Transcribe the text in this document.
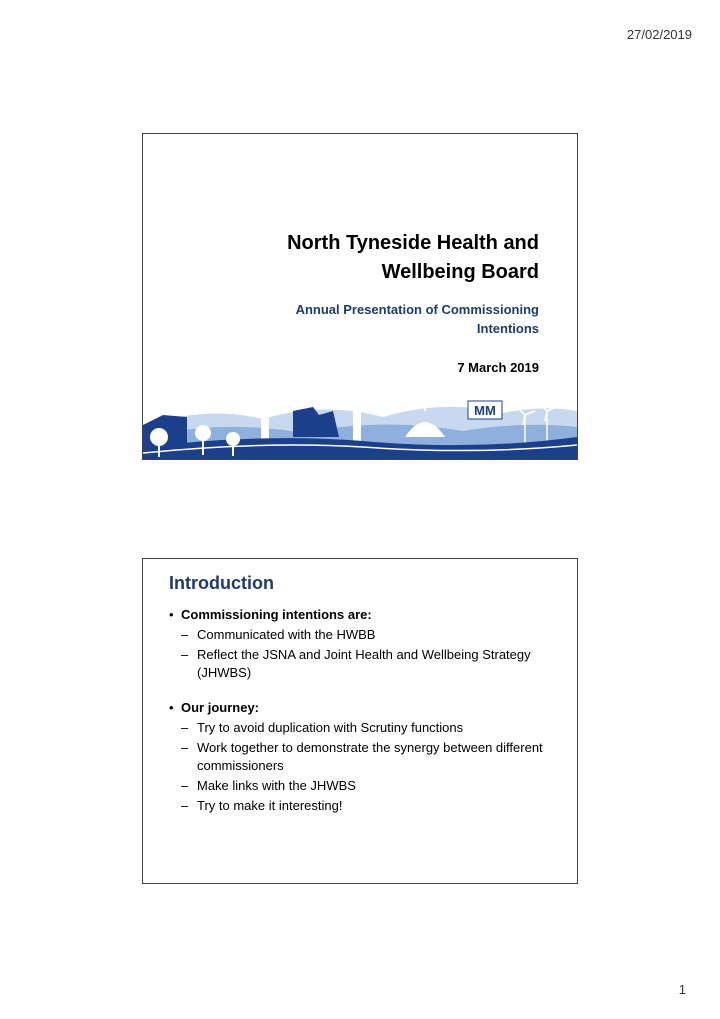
27/02/2019
North Tyneside Health and
Wellbeing Board
Annual Presentation of Commissioning
Intentions
7 March 2019
MM
Introduction
• Commissioning intentions are:
– Communicated with the HWBB
– Reflect the JSNA and Joint Health and Wellbeing Strategy (JHWBS)
• Our journey:
– Try to avoid duplication with Scrutiny functions
– Work together to demonstrate the synergy between different commissioners
– Make links with the JHWBS
– Try to make it interesting!
1
